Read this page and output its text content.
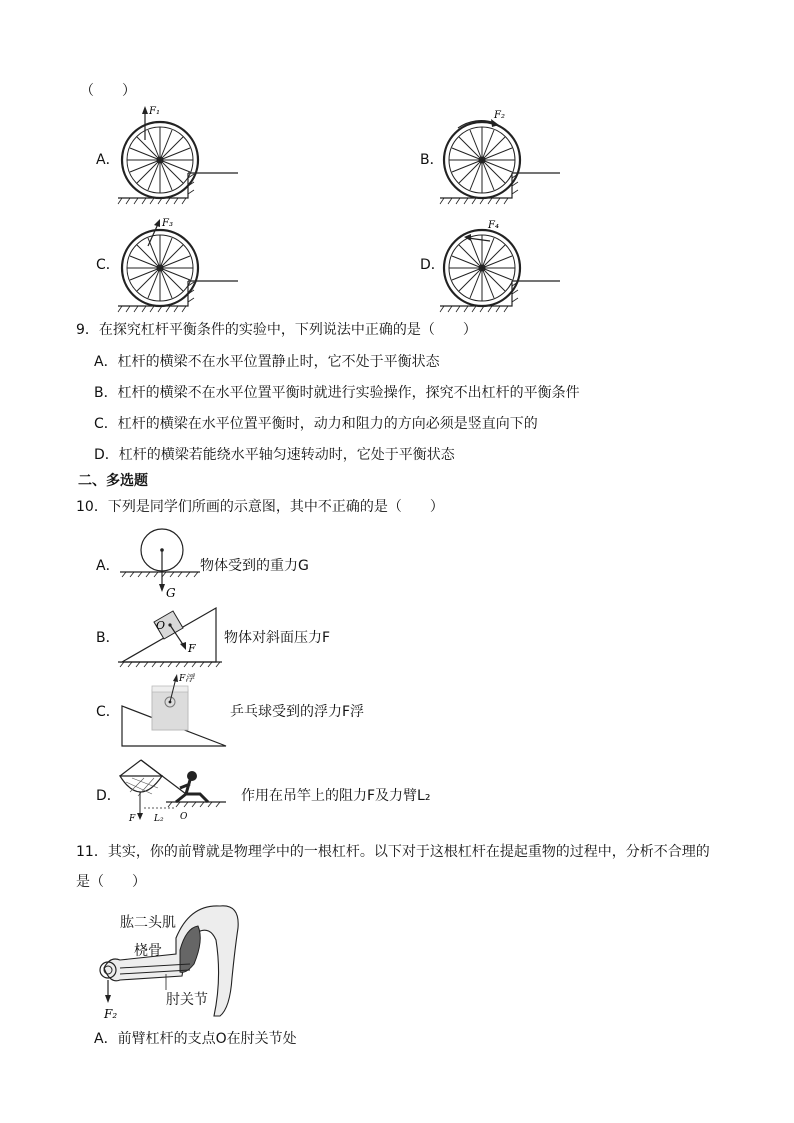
（　　）
A．	B．
C．	D．
F₁	F₂
F₃	F₄
9．在探究杠杆平衡条件的实验中，下列说法中正确的是（　　）
A．杠杆的横梁不在水平位置静止时，它不处于平衡状态
B．杠杆的横梁不在水平位置平衡时就进行实验操作，探究不出杠杆的平衡条件
C．杠杆的横梁在水平位置平衡时，动力和阻力的方向必须是竖直向下的
D．杠杆的横梁若能绕水平轴匀速转动时，它处于平衡状态
二、多选题
10．下列是同学们所画的示意图，其中不正确的是（　　）
A．
G
物体受到的重力G
B．
O
F
物体对斜面压力F
C．
F浮
乒乓球受到的浮力F浮
D．
F L₂ O
作用在吊竿上的阻力F及力臂L₂
11．其实，你的前臂就是物理学中的一根杠杆。以下对于这根杠杆在提起重物的过程中，分析不合理的
是（　　）
F₂
肱二头肌
桡骨
肘关节
A．前臂杠杆的支点O在肘关节处
